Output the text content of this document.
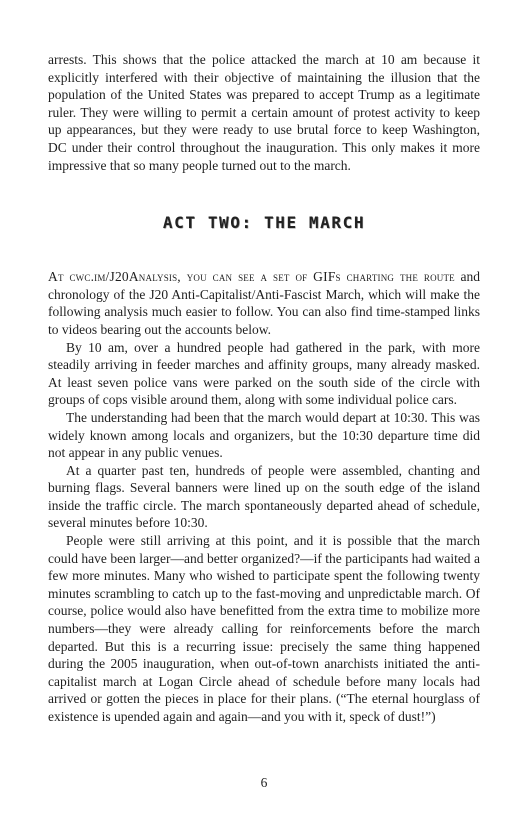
arrests. This shows that the police attacked the march at 10 am because it explicitly interfered with their objective of maintaining the illusion that the population of the United States was prepared to accept Trump as a legitimate ruler. They were willing to permit a certain amount of protest activity to keep up appearances, but they were ready to use brutal force to keep Washington, DC under their control throughout the inauguration. This only makes it more impressive that so many people turned out to the march.

ACT TWO: THE MARCH

At cwc.im/J20Analysis, you can see a set of GIFs charting the route and chronology of the J20 Anti-Capitalist/Anti-Fascist March, which will make the following analysis much easier to follow. You can also find time-stamped links to videos bearing out the accounts below.

By 10 am, over a hundred people had gathered in the park, with more steadily arriving in feeder marches and affinity groups, many already masked. At least seven police vans were parked on the south side of the circle with groups of cops visible around them, along with some individual police cars.

The understanding had been that the march would depart at 10:30. This was widely known among locals and organizers, but the 10:30 departure time did not appear in any public venues.

At a quarter past ten, hundreds of people were assembled, chanting and burning flags. Several banners were lined up on the south edge of the island inside the traffic circle. The march spontaneously departed ahead of schedule, several minutes before 10:30.

People were still arriving at this point, and it is possible that the march could have been larger—and better organized?—if the participants had waited a few more minutes. Many who wished to participate spent the following twenty minutes scrambling to catch up to the fast-moving and unpredictable march. Of course, police would also have benefitted from the extra time to mobilize more numbers—they were already calling for reinforcements before the march departed. But this is a recurring issue: precisely the same thing happened during the 2005 inauguration, when out-of-town anarchists initiated the anti-capitalist march at Logan Circle ahead of schedule before many locals had arrived or gotten the pieces in place for their plans. (“The eternal hourglass of existence is upended again and again—and you with it, speck of dust!”)

6
